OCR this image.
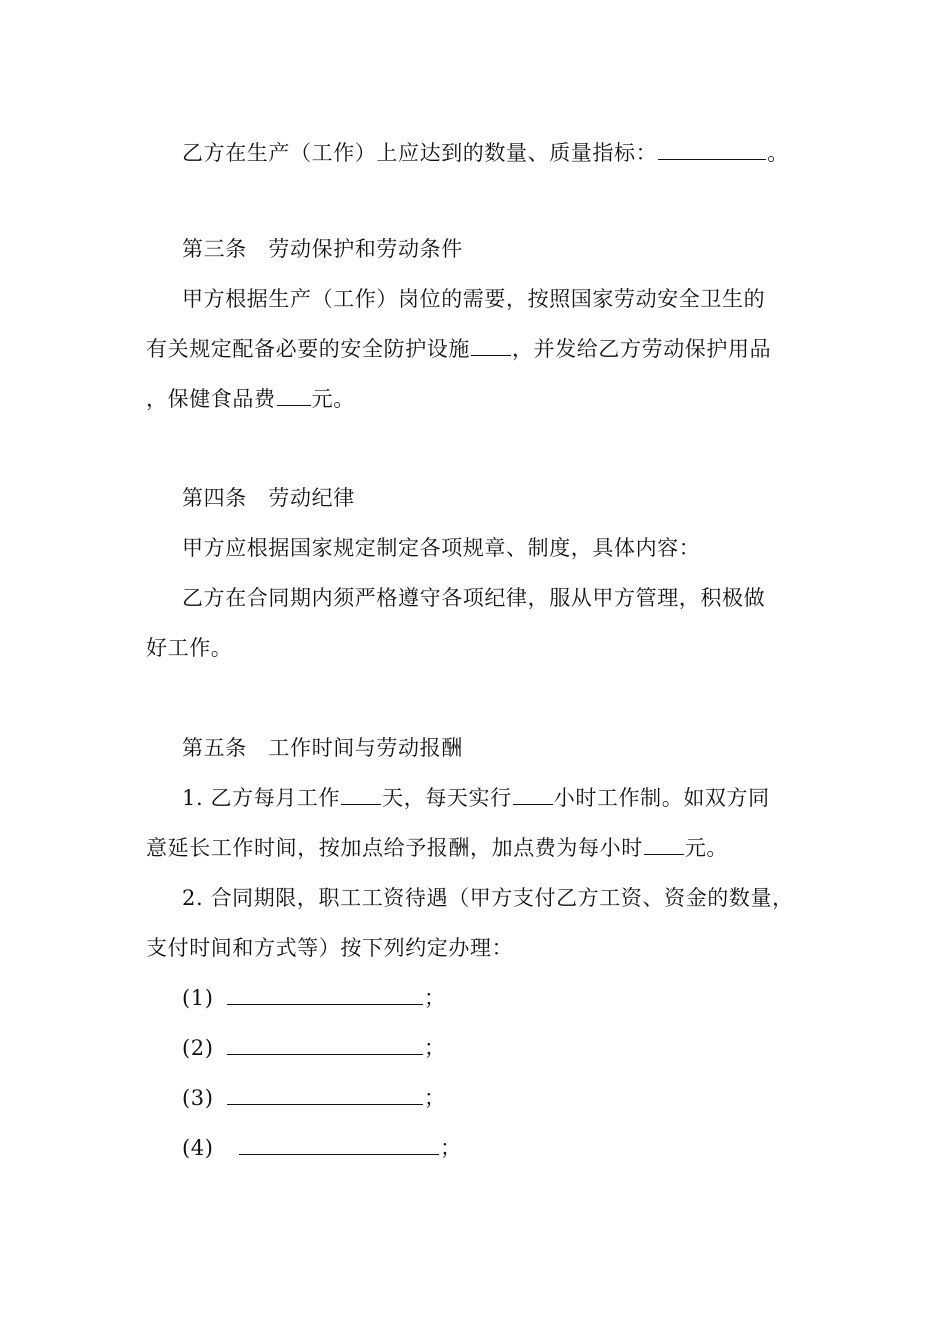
乙方在生产（工作）上应达到的数量、质量指标：	。
第三条　劳动保护和劳动条件
甲方根据生产（工作）岗位的需要，按照国家劳动安全卫生的
有关规定配备必要的安全防护设施 ，并发给乙方劳动保护用品
，保健食品费 元。
第四条　劳动纪律
甲方应根据国家规定制定各项规章、制度，具体内容：
乙方在合同期内须严格遵守各项纪律，服从甲方管理，积极做
好工作。
第五条　工作时间与劳动报酬
1. 乙方每月工作 天，每天实行 小时工作制。如双方同
意延长工作时间，按加点给予报酬，加点费为每小时 元。
2. 合同期限，职工工资待遇（甲方支付乙方工资、资金的数量，
支付时间和方式等）按下列约定办理：
(1)	；
(2)	；
(3)	；
(4)	；
